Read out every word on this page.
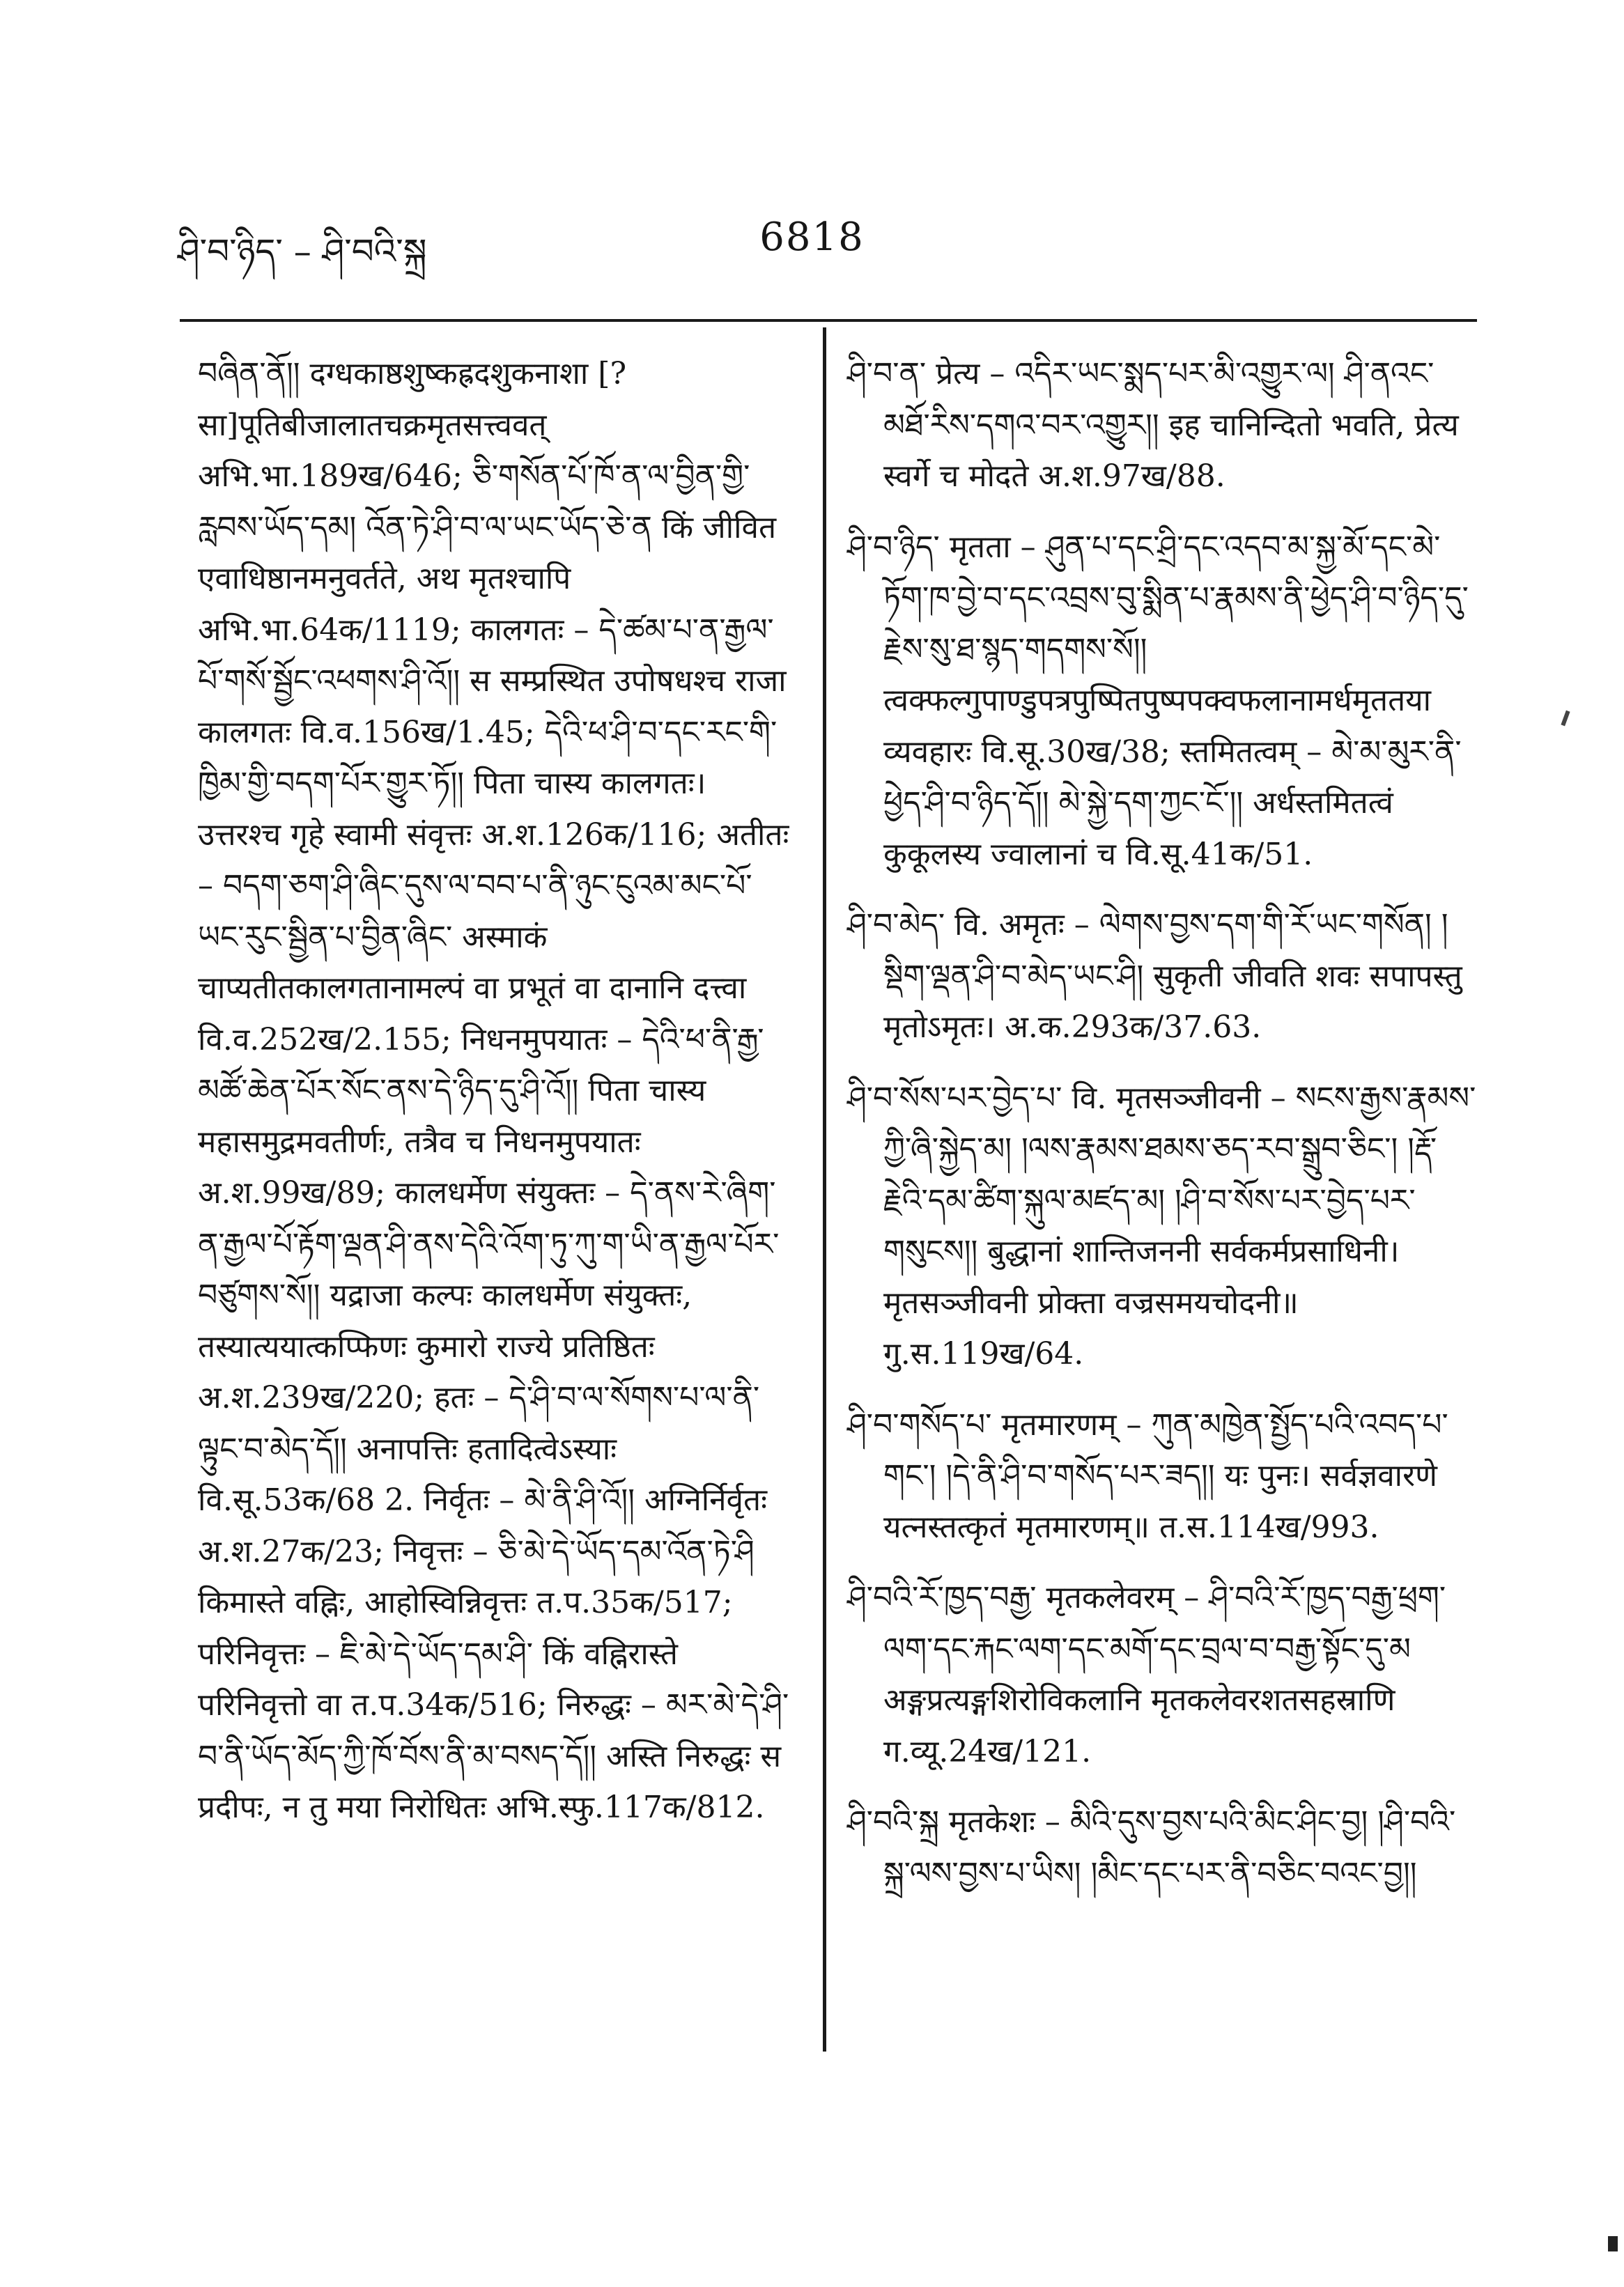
ཤི་བ་ཉིད་ – ཤི་བའི་སྐྲ	6818

བཞིན་ནོ།། दग्धकाष्ठशुष्कह्रदशुकनाशा [? सा]पूतिबीजालातचक्रमृतसत्त्ववत् अभि.भा.189ख/646; ཅི་གསོན་པོ་ཁོ་ན་ལ་བྱིན་གྱི་རླབས་ཡོད་དམ། འོན་ཏེ་ཤི་བ་ལ་ཡང་ཡོད་ཅེ་ན किं जीवित एवाधिष्ठानमनुवर्तते, अथ मृतश्चापि अभि.भा.64क/1119; कालगतः – དེ་ཚམ་པ་ན་རྒྱལ་པོ་གསོ་སྦྱོང་འཕགས་ཤི་འོ།། स सम्प्रस्थित उपोषधश्च राजा कालगतः वि.व.156ख/1.45; དེའི་ཕ་ཤི་བ་དང་རང་གི་ཁྱིམ་གྱི་བདག་པོར་གྱུར་ཏོ།། पिता चास्य कालगतः। उत्तरश्च गृहे स्वामी संवृत्तः अ.श.126क/116; अतीतः – བདག་ཅག་ཤི་ཞིང་དུས་ལ་བབ་པ་ནི་ཉུང་ངུའམ་མང་པོ་ཡང་རུང་སྦྱིན་པ་བྱིན་ཞིང་ अस्माकं चाप्यतीतकालगतानामल्पं वा प्रभूतं वा दानानि दत्त्वा वि.व.252ख/2.155; निधनमुपयातः – དེའི་ཕ་ནི་རྒྱ་མཚོ་ཆེན་པོར་སོང་ནས་དེ་ཉིད་དུ་ཤི་འོ།། पिता चास्य महासमुद्रमवतीर्णः, तत्रैव च निधनमुपयातः अ.श.99ख/89; कालधर्मेण संयुक्तः – དེ་ནས་རེ་ཞིག་ན་རྒྱལ་པོ་རྟོག་ལྡན་ཤི་ནས་དེའི་འོག་ཏུ་ཀུ་ག་ཡི་ན་རྒྱལ་པོར་བཙུགས་སོ།། यद्राजा कल्पः कालधर्मेण संयुक्तः, तस्यात्ययात्कप्फिणः कुमारो राज्ये प्रतिष्ठितः अ.श.239ख/220; हतः – དེ་ཤི་བ་ལ་སོགས་པ་ལ་ནི་ལྟུང་བ་མེད་དོ།། अनापत्तिः हतादित्वेऽस्याः वि.सू.53क/68 2. निर्वृतः – མེ་ནི་ཤི་འོ།། अग्निर्निर्वृतः अ.श.27क/23; निवृत्तः – ཅི་མེ་དེ་ཡོད་དམ་འོན་ཏེ་ཤི किमास्ते वह्निः, आहोस्विन्निवृत्तः त.प.35क/517; परिनिवृत्तः – ཇི་མེ་དེ་ཡོད་དམ་ཤི་ किं वह्निरास्ते परिनिवृत्तो वा त.प.34क/516; निरुद्धः – མར་མེ་དེ་ཤི་བ་ནི་ཡོད་མོད་ཀྱི་ཁོ་བོས་ནི་མ་བསད་དོ།། अस्ति निरुद्धः स प्रदीपः, न तु मया निरोधितः अभि.स्फु.117क/812.

ཤི་བ་ན་ प्रेत्य – འདིར་ཡང་སྨད་པར་མི་འགྱུར་ལ། ཤི་ནའང་མཐོ་རིས་དགའ་བར་འགྱུར།། इह चानिन्दितो भवति, प्रेत्य स्वर्गे च मोदते अ.श.97ख/88.

ཤི་བ་ཉིད་ मृतता – ཤུན་པ་དང་ཤྲི་དང་འདབ་མ་སྐྱ་མོ་དང་མེ་ཏོག་ཁ་བྱེ་བ་དང་འབྲས་བུ་སྨིན་པ་རྣམས་ནི་ཕྱེད་ཤི་བ་ཉིད་དུ་རྗེས་སུ་ཐ་སྙད་གདགས་སོ།། त्वक्फल्गुपाण्डुपत्रपुष्पितपुष्पपक्वफलानामर्धमृततया व्यवहारः वि.सू.30ख/38; स्तमितत्वम् – མེ་མ་མུར་ནི་ཕྱེད་ཤི་བ་ཉིད་དོ།། མེ་སྐྱེ་དག་ཀྱང་ངོ་།། अर्धस्तमितत्वं कुकूलस्य ज्वालानां च वि.सू.41क/51.

ཤི་བ་མེད་ वि. अमृतः – ལེགས་བྱས་དག་གི་རོ་ཡང་གསོན། །སྡིག་ལྡན་ཤི་བ་མེད་ཡང་ཤི། सुकृती जीवति शवः सपापस्तु मृतोऽमृतः। अ.क.293क/37.63.

ཤི་བ་སོས་པར་བྱེད་པ་ वि. मृतसञ्जीवनी – སངས་རྒྱས་རྣམས་ཀྱི་ཞི་སྐྱེད་མ། །ལས་རྣམས་ཐམས་ཅད་རབ་སྒྲུབ་ཅིང་། །རྡོ་རྗེའི་དམ་ཚིག་སྐུལ་མཛད་མ། །ཤི་བ་སོས་པར་བྱེད་པར་གསུངས།། बुद्धानां शान्तिजननी सर्वकर्मप्रसाधिनी। मृतसञ्जीवनी प्रोक्ता वज्रसमयचोदनी॥ गु.स.119ख/64.

ཤི་བ་གསོད་པ་ मृतमारणम् – ཀུན་མཁྱེན་སྤྱོད་པའི་འབད་པ་གང་། །དེ་ནི་ཤི་བ་གསོད་པར་ཟད།། यः पुनः। सर्वज्ञवारणे यत्नस्तत्कृतं मृतमारणम्॥ त.स.114ख/993.

ཤི་བའི་རོ་ཁྱད་བརྒྱ་ मृतकलेवरम् – ཤི་བའི་རོ་ཁྱད་བརྒྱ་ཕྲག་ལག་དང་རྐང་ལག་དང་མགོ་དང་བྲལ་བ་བརྒྱ་སྟོང་དུ་མ अङ्गप्रत्यङ्गशिरोविकलानि मृतकलेवरशतसहस्राणि ग.व्यू.24ख/121.

ཤི་བའི་སྐྲ मृतकेशः – མིའི་དུས་བྱས་པའི་མིང་ཤིང་བྱ། །ཤི་བའི་སྐྲ་ལས་བྱས་པ་ཡིས། །མིང་དང་པར་ནི་བཅིང་བའང་བྱ།།
